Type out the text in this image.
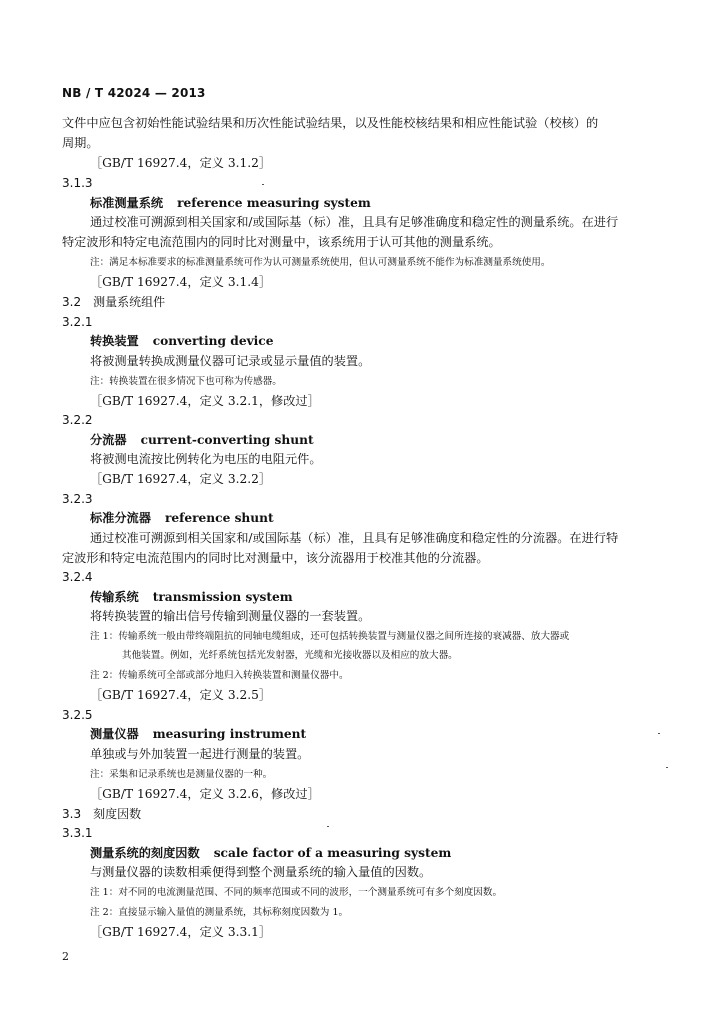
NB / T 42024 — 2013
文件中应包含初始性能试验结果和历次性能试验结果，以及性能校核结果和相应性能试验（校核）的
周期。
［GB/T 16927.4，定义 3.1.2］
3.1.3
标准测量系统 reference measuring system
通过校准可溯源到相关国家和/或国际基（标）准，且具有足够准确度和稳定性的测量系统。在进行
特定波形和特定电流范围内的同时比对测量中，该系统用于认可其他的测量系统。
注：满足本标准要求的标准测量系统可作为认可测量系统使用，但认可测量系统不能作为标准测量系统使用。
［GB/T 16927.4，定义 3.1.4］
3.2　测量系统组件
3.2.1
转换装置 converting device
将被测量转换成测量仪器可记录或显示量值的装置。
注：转换装置在很多情况下也可称为传感器。
［GB/T 16927.4，定义 3.2.1，修改过］
3.2.2
分流器 current-converting shunt
将被测电流按比例转化为电压的电阻元件。
［GB/T 16927.4，定义 3.2.2］
3.2.3
标准分流器 reference shunt
通过校准可溯源到相关国家和/或国际基（标）准，且具有足够准确度和稳定性的分流器。在进行特
定波形和特定电流范围内的同时比对测量中，该分流器用于校准其他的分流器。
3.2.4
传输系统 transmission system
将转换装置的输出信号传输到测量仪器的一套装置。
注 1：传输系统一般由带终端阻抗的同轴电缆组成，还可包括转换装置与测量仪器之间所连接的衰减器、放大器或
其他装置。例如，光纤系统包括光发射器，光缆和光接收器以及相应的放大器。
注 2：传输系统可全部或部分地归入转换装置和测量仪器中。
［GB/T 16927.4，定义 3.2.5］
3.2.5
测量仪器 measuring instrument
单独或与外加装置一起进行测量的装置。
注：采集和记录系统也是测量仪器的一种。
［GB/T 16927.4，定义 3.2.6，修改过］
3.3　刻度因数
3.3.1
测量系统的刻度因数 scale factor of a measuring system
与测量仪器的读数相乘便得到整个测量系统的输入量值的因数。
注 1：对不同的电流测量范围、不同的频率范围或不同的波形，一个测量系统可有多个刻度因数。
注 2：直接显示输入量值的测量系统，其标称刻度因数为 1。
［GB/T 16927.4，定义 3.3.1］
2
